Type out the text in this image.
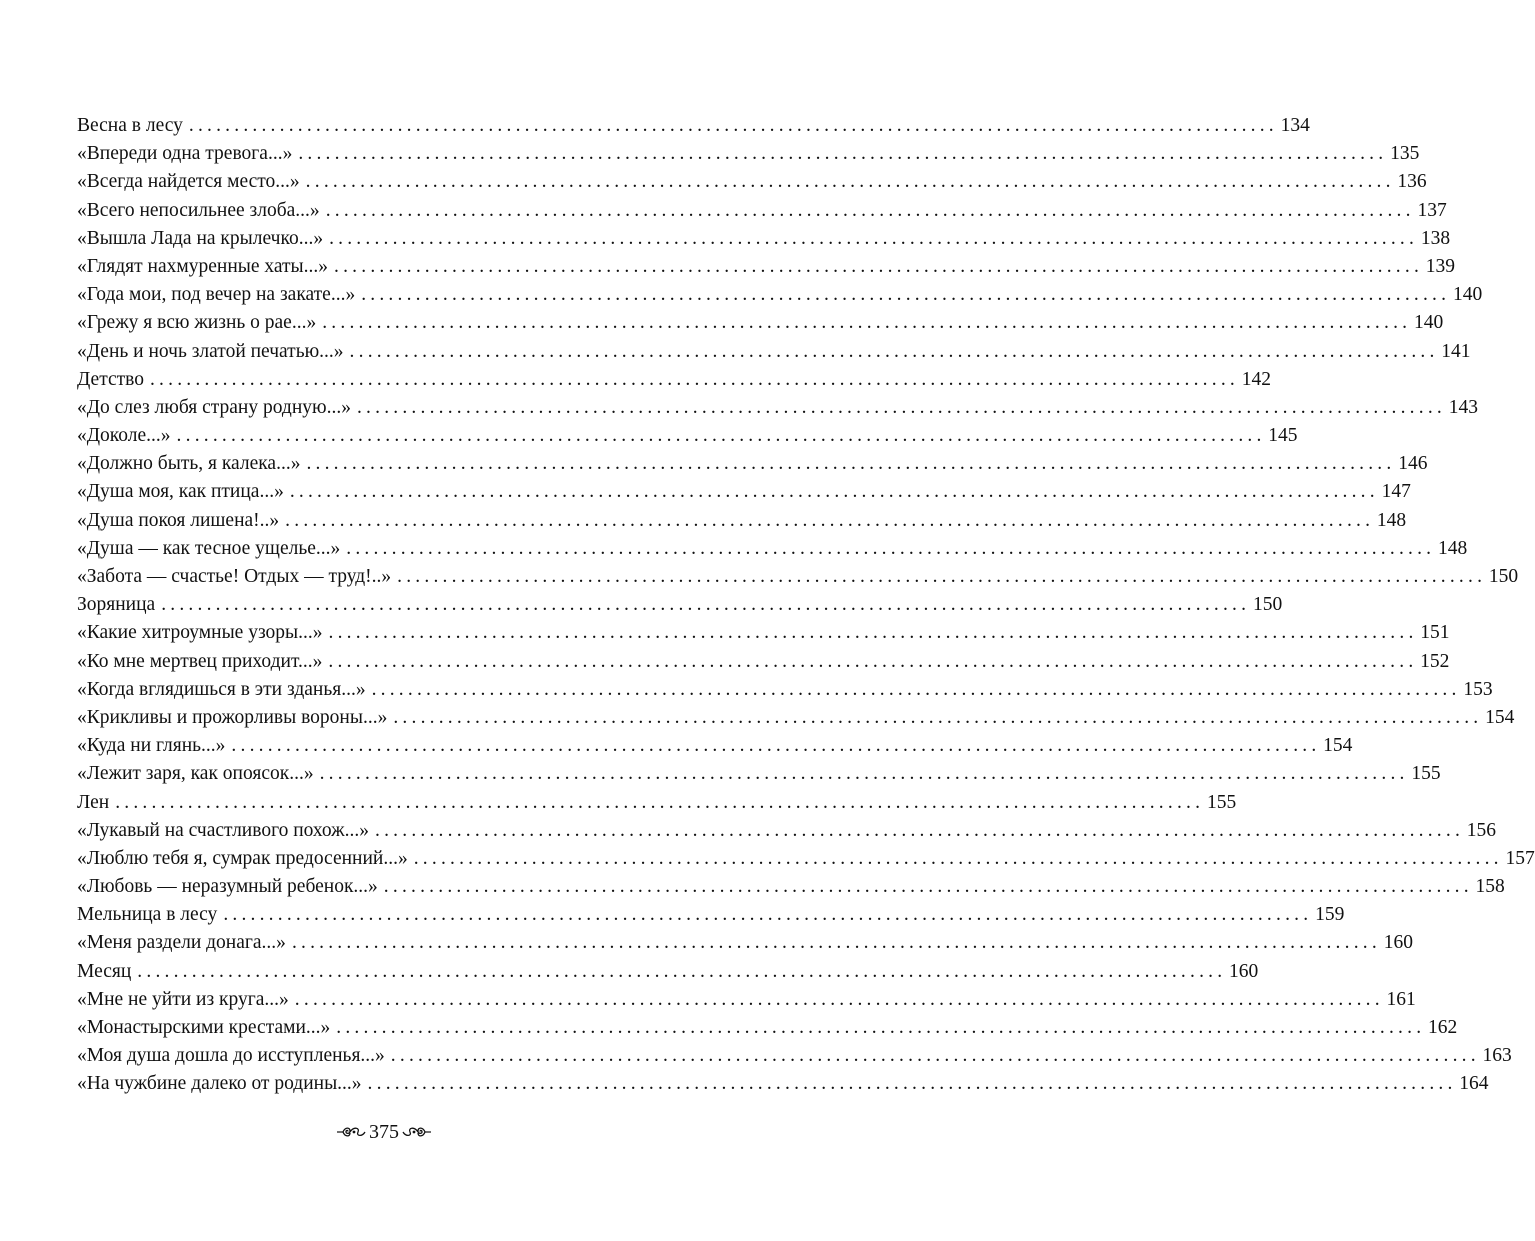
Весна в лесу ........................................................................................................................ 134
«Впереди одна тревога...» ........................................................................................................................ 135
«Всегда найдется место...» ........................................................................................................................ 136
«Всего непосильнее злоба...» ........................................................................................................................ 137
«Вышла Лада на крылечко...» ........................................................................................................................ 138
«Глядят нахмуренные хаты...» ........................................................................................................................ 139
«Года мои, под вечер на закате...» ........................................................................................................................ 140
«Грежу я всю жизнь о рае...» ........................................................................................................................ 140
«День и ночь златой печатью...» ........................................................................................................................ 141
Детство ........................................................................................................................ 142
«До слез любя страну родную...» ........................................................................................................................ 143
«Доколе...» ........................................................................................................................ 145
«Должно быть, я калека...» ........................................................................................................................ 146
«Душа моя, как птица...» ........................................................................................................................ 147
«Душа покоя лишена!..» ........................................................................................................................ 148
«Душа — как тесное ущелье...» ........................................................................................................................ 148
«Забота — счастье! Отдых — труд!..» ........................................................................................................................ 150
Зоряница ........................................................................................................................ 150
«Какие хитроумные узоры...» ........................................................................................................................ 151
«Ко мне мертвец приходит...» ........................................................................................................................ 152
«Когда вглядишься в эти зданья...» ........................................................................................................................ 153
«Крикливы и прожорливы вороны...» ........................................................................................................................ 154
«Куда ни глянь...» ........................................................................................................................ 154
«Лежит заря, как опоясок...» ........................................................................................................................ 155
Лен ........................................................................................................................ 155
«Лукавый на счастливого похож...» ........................................................................................................................ 156
«Люблю тебя я, сумрак предосенний...» ........................................................................................................................ 157
«Любовь — неразумный ребенок...» ........................................................................................................................ 158
Мельница в лесу ........................................................................................................................ 159
«Меня раздели донага...» ........................................................................................................................ 160
Месяц ........................................................................................................................ 160
«Мне не уйти из круга...» ........................................................................................................................ 161
«Монастырскими крестами...» ........................................................................................................................ 162
«Моя душа дошла до исступленья...» ........................................................................................................................ 163
«На чужбине далеко от родины...» ........................................................................................................................ 164
375
